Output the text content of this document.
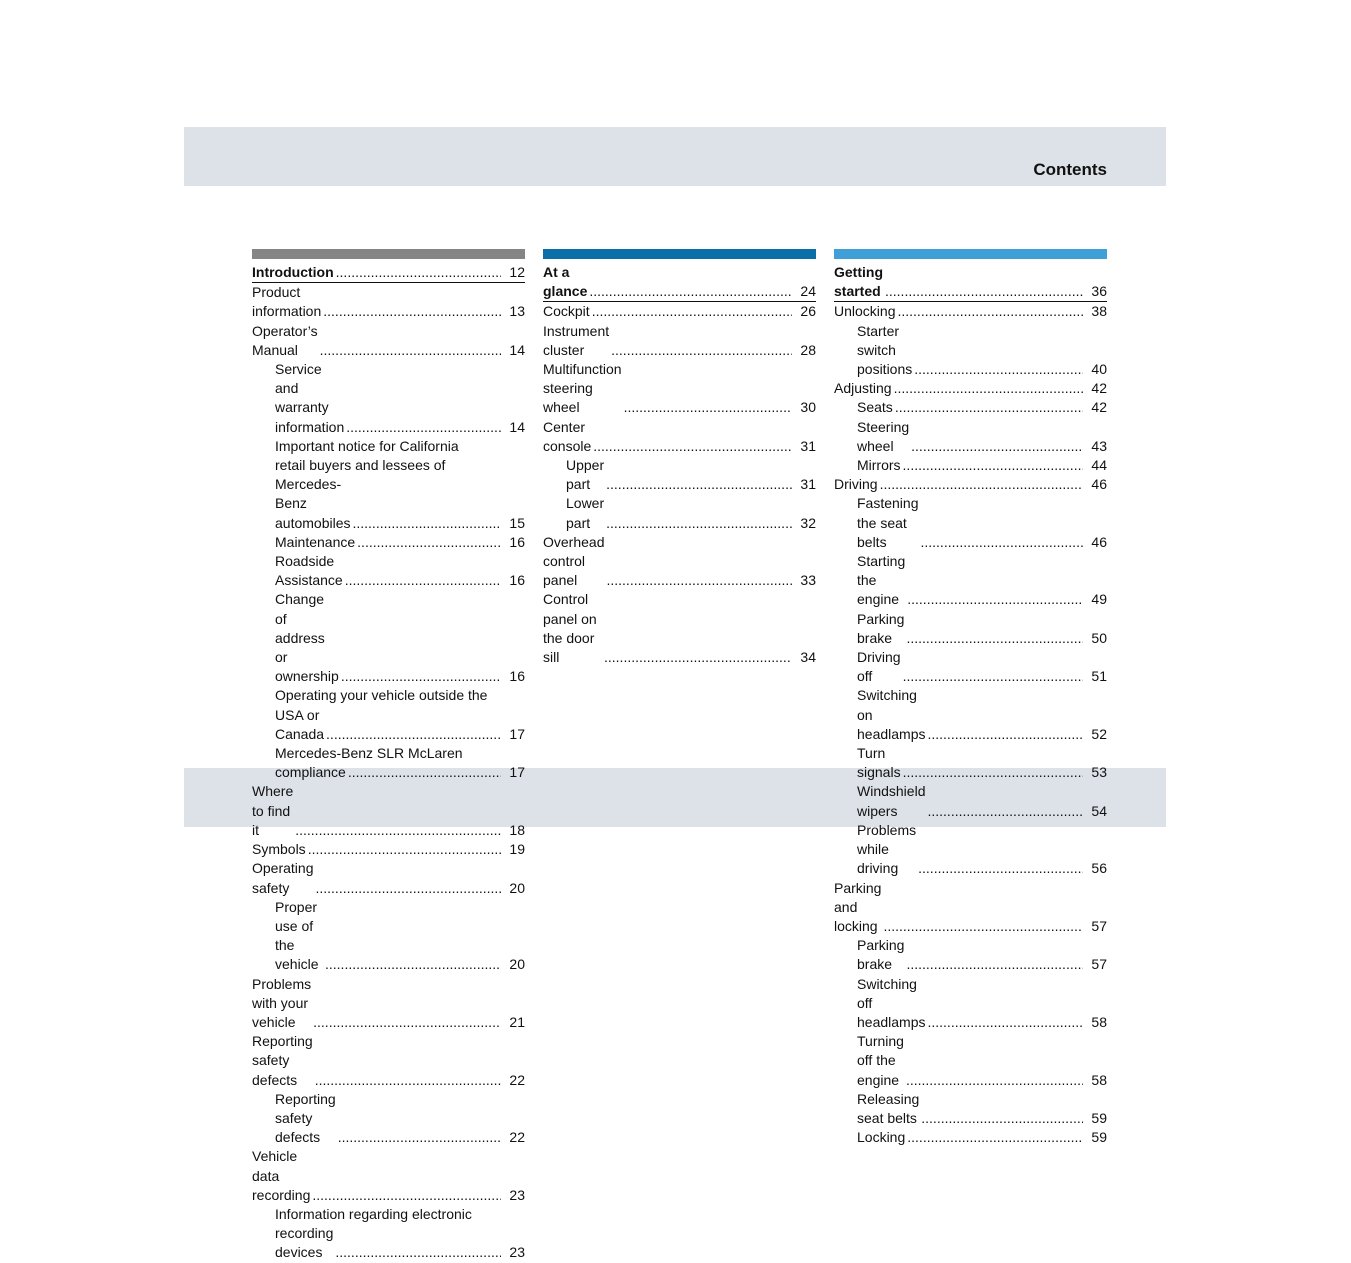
Contents
Introduction .....	12
Product information .....	13
Operator’s Manual .....	14
Service and warranty information .....	14
Important notice for California
retail buyers and lessees of
Mercedes-Benz automobiles .....	15
Maintenance .....	16
Roadside Assistance .....	16
Change of address or ownership .....	16
Operating your vehicle outside the
USA or Canada .....	17
Mercedes-Benz SLR McLaren
compliance .....	17
Where to find it .....	18
Symbols .....	19
Operating safety .....	20
Proper use of the vehicle .....	20
Problems with your vehicle .....	21
Reporting safety defects .....	22
Reporting safety defects .....	22
Vehicle data recording .....	23
Information regarding electronic
recording devices .....	23
At a glance .....	24
Cockpit .....	26
Instrument cluster .....	28
Multifunction steering wheel .....	30
Center console .....	31
Upper part .....	31
Lower part .....	32
Overhead control panel .....	33
Control panel on the door sill .....	34
Getting started .....	36
Unlocking .....	38
Starter switch positions .....	40
Adjusting .....	42
Seats .....	42
Steering wheel .....	43
Mirrors .....	44
Driving .....	46
Fastening the seat belts .....	46
Starting the engine .....	49
Parking brake .....	50
Driving off .....	51
Switching on headlamps .....	52
Turn signals .....	53
Windshield wipers .....	54
Problems while driving .....	56
Parking and locking .....	57
Parking brake .....	57
Switching off headlamps .....	58
Turning off the engine .....	58
Releasing seat belts .....	59
Locking .....	59
